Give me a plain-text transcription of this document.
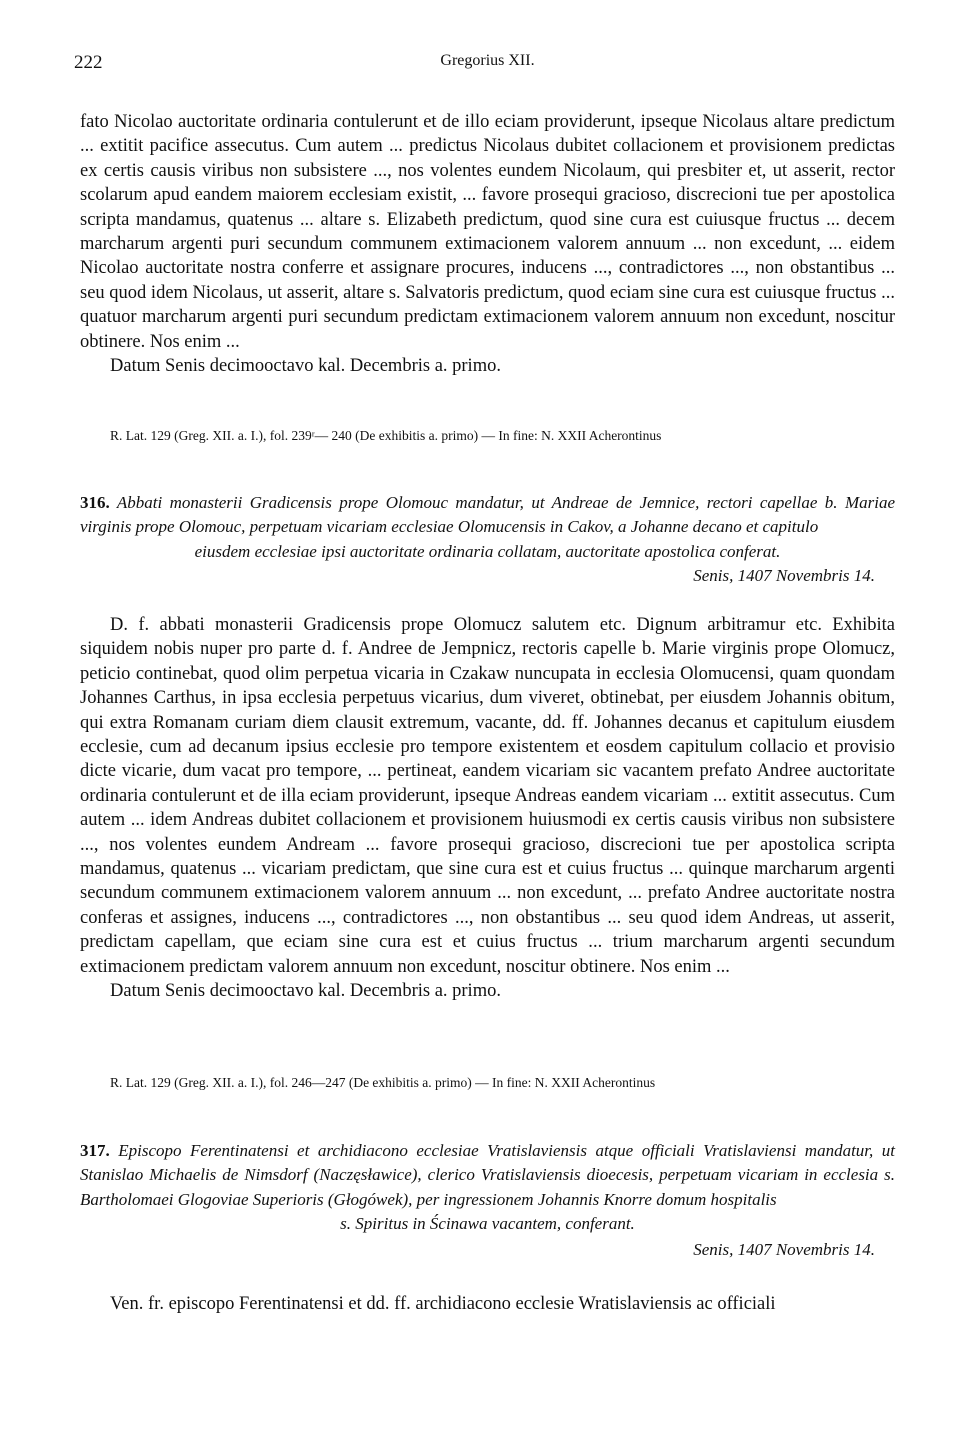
222	Gregorius XII.

fato Nicolao auctoritate ordinaria contulerunt et de illo eciam providerunt, ipseque Nicolaus altare predictum ... extitit pacifice assecutus. Cum autem ... predictus Nicolaus dubitet collacionem et provisionem predictas ex certis causis viribus non subsistere ..., nos volentes eundem Nicolaum, qui presbiter et, ut asserit, rector scolarum apud eandem maiorem ecclesiam existit, ... favore prosequi gracioso, discrecioni tue per apostolica scripta mandamus, quatenus ... altare s. Elizabeth predictum, quod sine cura est cuiusque fructus ... decem marcharum argenti puri secundum communem extimacionem valorem annuum ... non excedunt, ... eidem Nicolao auctoritate nostra conferre et assignare procures, inducens ..., contradictores ..., non obstantibus ... seu quod idem Nicolaus, ut asserit, altare s. Salvatoris predictum, quod eciam sine cura est cuiusque fructus ... quatuor marcharum argenti puri secundum predictam extimacionem valorem annuum non excedunt, noscitur obtinere. Nos enim ...

Datum Senis decimooctavo kal. Decembris a. primo.

R. Lat. 129 (Greg. XII. a. I.), fol. 239ʳ— 240 (De exhibitis a. primo) — In fine: N. XXII Acherontinus
316. Abbati monasterii Gradicensis prope Olomouc mandatur, ut Andreae de Jemnice, rectori capellae b. Mariae virginis prope Olomouc, perpetuam vicariam ecclesiae Olomucensis in Cakov, a Johanne decano et capitulo
eiusdem ecclesiae ipsi auctoritate ordinaria collatam, auctoritate apostolica conferat.
Senis, 1407 Novembris 14.

D. f. abbati monasterii Gradicensis prope Olomucz salutem etc. Dignum arbitramur etc. Exhibita siquidem nobis nuper pro parte d. f. Andree de Jempnicz, rectoris capelle b. Marie virginis prope Olomucz, peticio continebat, quod olim perpetua vicaria in Czakaw nuncupata in ecclesia Olomucensi, quam quondam Johannes Carthus, in ipsa ecclesia perpetuus vicarius, dum viveret, obtinebat, per eiusdem Johannis obitum, qui extra Romanam curiam diem clausit extremum, vacante, dd. ff. Johannes decanus et capitulum eiusdem ecclesie, cum ad decanum ipsius ecclesie pro tempore existentem et eosdem capitulum collacio et provisio dicte vicarie, dum vacat pro tempore, ... pertineat, eandem vicariam sic vacantem prefato Andree auctoritate ordinaria contulerunt et de illa eciam providerunt, ipseque Andreas eandem vicariam ... extitit assecutus. Cum autem ... idem Andreas dubitet collacionem et provisionem huiusmodi ex certis causis viribus non subsistere ..., nos volentes eundem Andream ... favore prosequi gracioso, discrecioni tue per apostolica scripta mandamus, quatenus ... vicariam predictam, que sine cura est et cuius fructus ... quinque marcharum argenti secundum communem extimacionem valorem annuum ... non excedunt, ... prefato Andree auctoritate nostra conferas et assignes, inducens ..., contradictores ..., non obstantibus ... seu quod idem Andreas, ut asserit, predictam capellam, que eciam sine cura est et cuius fructus ... trium marcharum argenti secundum extimacionem predictam valorem annuum non excedunt, noscitur obtinere. Nos enim ...

Datum Senis decimooctavo kal. Decembris a. primo.

R. Lat. 129 (Greg. XII. a. I.), fol. 246—247 (De exhibitis a. primo) — In fine: N. XXII Acherontinus
317. Episcopo Ferentinatensi et archidiacono ecclesiae Vratislaviensis atque officiali Vratislaviensi mandatur, ut Stanislao Michaelis de Nimsdorf (Naczęsławice), clerico Vratislaviensis dioecesis, perpetuam vicariam in ecclesia s. Bartholomaei Glogoviae Superioris (Głogówek), per ingressionem Johannis Knorre domum hospitalis
s. Spiritus in Ścinawa vacantem, conferant.
Senis, 1407 Novembris 14.

Ven. fr. episcopo Ferentinatensi et dd. ff. archidiacono ecclesie Wratislaviensis ac officiali
